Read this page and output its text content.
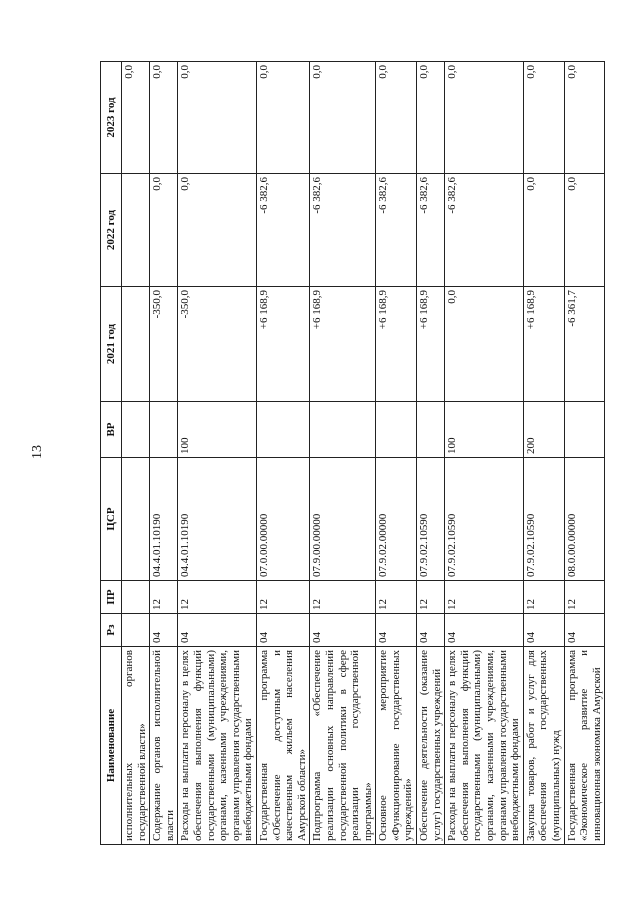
13
Наименование	Рз	ПР	ЦСР	ВР	2021 год	2022 год	2023 год
исполнительных органов государственной власти»							0,0
Содержание органов исполнительной власти	04	12	04.4.01.10190		-350,0	0,0	0,0
Расходы на выплаты персоналу в целях обеспечения выполнения функций государственными (муниципальными) органами, казенными учреждениями, органами управления государственными внебюджетными фондами	04	12	04.4.01.10190	100	-350,0	0,0	0,0
Государственная программа «Обеспечение доступным и качественным жильем населения Амурской области»	04	12	07.0.00.00000		+6 168,9	-6 382,6	0,0
Подпрограмма «Обеспечение реализации основных направлений государственной политики в сфере реализации государственной программы»	04	12	07.9.00.00000		+6 168,9	-6 382,6	0,0
Основное мероприятие «Функционирование государственных учреждений»	04	12	07.9.02.00000		+6 168,9	-6 382,6	0,0
Обеспечение деятельности (оказание услуг) государственных учреждений	04	12	07.9.02.10590		+6 168,9	-6 382,6	0,0
Расходы на выплаты персоналу в целях обеспечения выполнения функций государственными (муниципальными) органами, казенными учреждениями, органами управления государственными внебюджетными фондами	04	12	07.9.02.10590	100	0,0	-6 382,6	0,0
Закупка товаров, работ и услуг для обеспечения государственных (муниципальных) нужд	04	12	07.9.02.10590	200	+6 168,9	0,0	0,0
Государственная программа «Экономическое развитие и инновационная экономика Амурской	04	12	08.0.00.00000		-6 361,7	0,0	0,0
